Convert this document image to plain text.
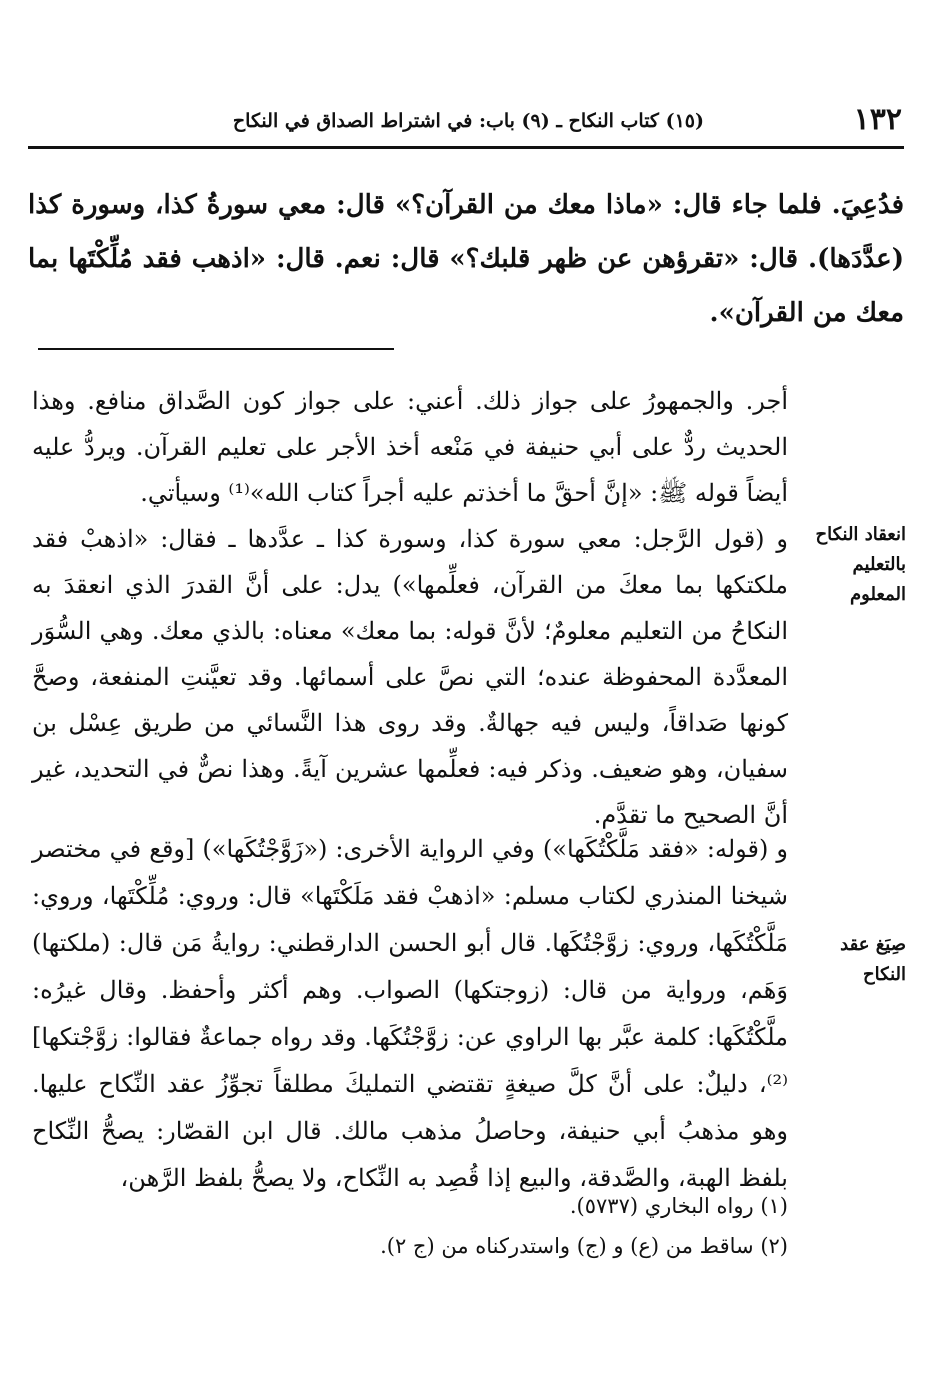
١٣٢
(١٥) كتاب النكاح ـ (٩) باب: في اشتراط الصداق في النكاح
فدُعِيَ. فلما جاء قال: «ماذا معك من القرآن؟» قال: معي سورةُ كذا، وسورة كذا (عدَّدَها). قال: «تقرؤهن عن ظهر قلبك؟» قال: نعم. قال: «اذهب فقد مُلِّكْتَها بما معك من القرآن».
أجر. والجمهورُ على جواز ذلك. أعني: على جواز كون الصَّداق منافع. وهذا الحديث ردٌّ على أبي حنيفة في مَنْعه أخذ الأجر على تعليم القرآن. ويردُّ عليه أيضاً قوله ﷺ: «إنَّ أحقَّ ما أخذتم عليه أجراً كتاب الله»⁽¹⁾ وسيأتي.
و (قول الرَّجل: معي سورة كذا، وسورة كذا ـ عدَّدها ـ فقال: «اذهبْ فقد ملكتكها بما معكَ من القرآن، فعلِّمها») يدل: على أنَّ القدرَ الذي انعقدَ به النكاحُ من التعليم معلومٌ؛ لأنَّ قوله: بما معك» معناه: بالذي معك. وهي السُّوَر المعدَّدة المحفوظة عنده؛ التي نصَّ على أسمائها. وقد تعيَّنتِ المنفعة، وصحَّ كونها صَداقاً، وليس فيه جهالةٌ. وقد روى هذا النَّسائي من طريق عِسْل بن سفيان، وهو ضعيف. وذكر فيه: فعلِّمها عشرين آيةً. وهذا نصٌّ في التحديد، غير أنَّ الصحيح ما تقدَّم.
و (قوله: «فقد مَلَّكْتُكَها») وفي الرواية الأخرى: («زَوَّجْتُكَها») [وقع في مختصر شيخنا المنذري لكتاب مسلم: «اذهبْ فقد مَلَكْتَها» قال: وروي: مُلِّكْتَها، وروي: مَلَّكْتُكَها، وروي: زوَّجْتُكَها. قال أبو الحسن الدارقطني: روايةُ مَن قال: (ملكتها) وَهَم، ورواية من قال: (زوجتكها) الصواب. وهم أكثر وأحفظ. وقال غيرُه: ملَّكْتُكَها: كلمة عبَّر بها الراوي عن: زوَّجْتُكَها. وقد رواه جماعةٌ فقالوا: زوَّجْتكها]⁽²⁾، دليلٌ: على أنَّ كلَّ صيغةٍ تقتضي التمليكَ مطلقاً تجوِّزُ عقد النِّكاح عليها. وهو مذهبُ أبي حنيفة، وحاصلُ مذهب مالك. قال ابن القصّار: يصحُّ النِّكاح بلفظ الهبة، والصَّدقة، والبيع إذا قُصِد به النِّكاح، ولا يصحُّ بلفظ الرَّهن،
انعقاد النكاح بالتعليم المعلوم
صِيَغ عقد النكاح
(١) رواه البخاري (٥٧٣٧).
(٢) ساقط من (ع) و (ج) واستدركناه من (ج ٢).
